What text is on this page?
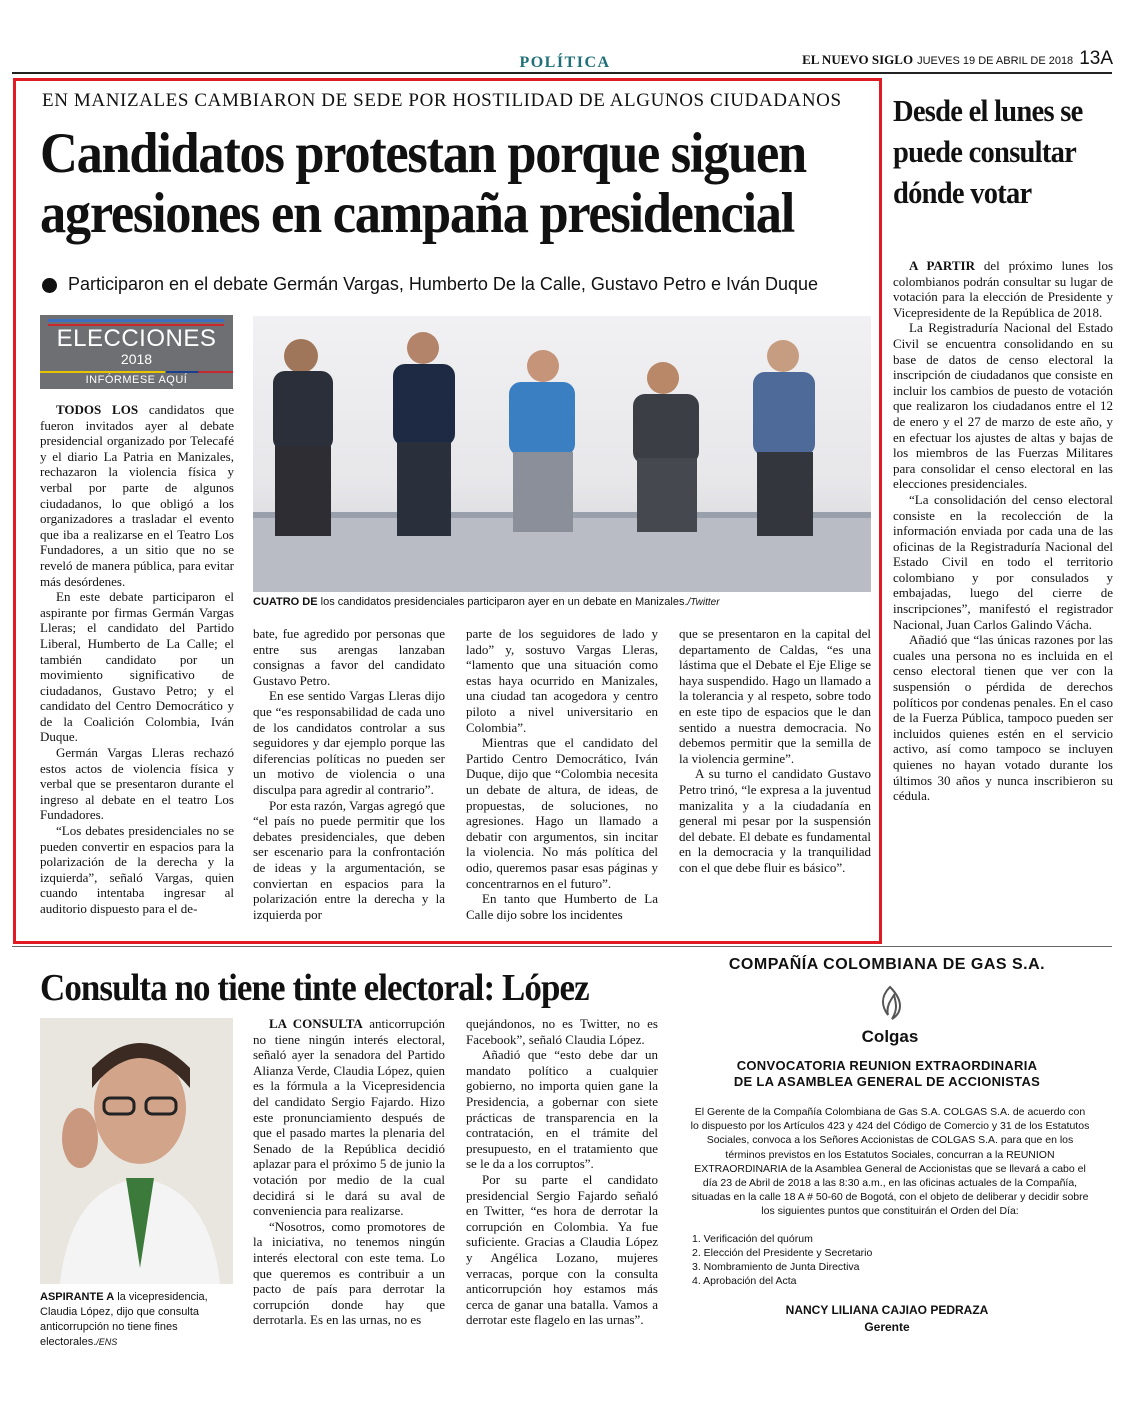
POLÍTICA	EL NUEVO SIGLO JUEVES 19 DE ABRIL DE 2018 13A
EN MANIZALES CAMBIARON DE SEDE POR HOSTILIDAD DE ALGUNOS CIUDADANOS
Candidatos protestan porque siguen agresiones en campaña presidencial
Participaron en el debate Germán Vargas, Humberto De la Calle, Gustavo Petro e Iván Duque
ELECCIONES
2018
INFÓRMESE AQUÍ
CUATRO DE los candidatos presidenciales participaron ayer en un debate en Manizales./Twitter

TODOS LOS candidatos que fueron invitados ayer al debate presidencial organizado por Telecafé y el diario La Patria en Manizales, rechazaron la violencia física y verbal por parte de algunos ciudadanos, lo que obligó a los organizadores a trasladar el evento que iba a realizarse en el Teatro Los Fundadores, a un sitio que no se reveló de manera pública, para evitar más desórdenes.

En este debate participaron el aspirante por firmas Germán Vargas Lleras; el candidato del Partido Liberal, Humberto de La Calle; el también candidato por un movimiento significativo de ciudadanos, Gustavo Petro; y el candidato del Centro Democrático y de la Coalición Colombia, Iván Duque.

Germán Vargas Lleras rechazó estos actos de violencia física y verbal que se presentaron durante el ingreso al debate en el teatro Los Fundadores.

“Los debates presidenciales no se pueden convertir en espacios para la polarización de la derecha y la izquierda”, señaló Vargas, quien cuando intentaba ingresar al auditorio dispuesto para el de-

bate, fue agredido por personas que entre sus arengas lanzaban consignas a favor del candidato Gustavo Petro.

En ese sentido Vargas Lleras dijo que “es responsabilidad de cada uno de los candidatos controlar a sus seguidores y dar ejemplo porque las diferencias políticas no pueden ser un motivo de violencia o una disculpa para agredir al contrario”.

Por esta razón, Vargas agregó que “el país no puede permitir que los debates presidenciales, que deben ser escenario para la confrontación de ideas y la argumentación, se conviertan en espacios para la polarización entre la derecha y la izquierda por

parte de los seguidores de lado y lado” y, sostuvo Vargas Lleras, “lamento que una situación como estas haya ocurrido en Manizales, una ciudad tan acogedora y centro piloto a nivel universitario en Colombia”.

Mientras que el candidato del Partido Centro Democrático, Iván Duque, dijo que “Colombia necesita un debate de altura, de ideas, de propuestas, de soluciones, no agresiones. Hago un llamado a debatir con argumentos, sin incitar la violencia. No más política del odio, queremos pasar esas páginas y concentrarnos en el futuro”.

En tanto que Humberto de La Calle dijo sobre los incidentes

que se presentaron en la capital del departamento de Caldas, “es una lástima que el Debate el Eje Elige se haya suspendido. Hago un llamado a la tolerancia y al respeto, sobre todo en este tipo de espacios que le dan sentido a nuestra democracia. No debemos permitir que la semilla de la violencia germine”.

A su turno el candidato Gustavo Petro trinó, “le expresa a la juventud manizalita y a la ciudadanía en general mi pesar por la suspensión del debate. El debate es fundamental en la democracia y la tranquilidad con el que debe fluir es básico”.

Desde el lunes se puede consultar dónde votar

A PARTIR del próximo lunes los colombianos podrán consultar su lugar de votación para la elección de Presidente y Vicepresidente de la República de 2018.

La Registraduría Nacional del Estado Civil se encuentra consolidando en su base de datos de censo electoral la inscripción de ciudadanos que consiste en incluir los cambios de puesto de votación que realizaron los ciudadanos entre el 12 de enero y el 27 de marzo de este año, y en efectuar los ajustes de altas y bajas de los miembros de las Fuerzas Militares para consolidar el censo electoral en las elecciones presidenciales.

“La consolidación del censo electoral consiste en la recolección de la información enviada por cada una de las oficinas de la Registraduría Nacional del Estado Civil en todo el territorio colombiano y por consulados y embajadas, luego del cierre de inscripciones”, manifestó el registrador Nacional, Juan Carlos Galindo Vácha.

Añadió que “las únicas razones por las cuales una persona no es incluida en el censo electoral tienen que ver con la suspensión o pérdida de derechos políticos por condenas penales. En el caso de la Fuerza Pública, tampoco pueden ser incluidos quienes estén en el servicio activo, así como tampoco se incluyen quienes no hayan votado durante los últimos 30 años y nunca inscribieron su cédula.

Consulta no tiene tinte electoral: López
ASPIRANTE A la vicepresidencia, Claudia López, dijo que consulta anticorrupción no tiene fines electorales./ENS

LA CONSULTA anticorrupción no tiene ningún interés electoral, señaló ayer la senadora del Partido Alianza Verde, Claudia López, quien es la fórmula a la Vicepresidencia del candidato Sergio Fajardo. Hizo este pronunciamiento después de que el pasado martes la plenaria del Senado de la República decidió aplazar para el próximo 5 de junio la votación por medio de la cual decidirá si le dará su aval de conveniencia para realizarse.

“Nosotros, como promotores de la iniciativa, no tenemos ningún interés electoral con este tema. Lo que queremos es contribuir a un pacto de país para derrotar la corrupción donde hay que derrotarla. Es en las urnas, no es

quejándonos, no es Twitter, no es Facebook”, señaló Claudia López.

Añadió que “esto debe dar un mandato político a cualquier gobierno, no importa quien gane la Presidencia, a gobernar con siete prácticas de transparencia en la contratación, en el trámite del presupuesto, en el tratamiento que se le da a los corruptos”.

Por su parte el candidato presidencial Sergio Fajardo señaló en Twitter, “es hora de derrotar la corrupción en Colombia. Ya fue suficiente. Gracias a Claudia López y Angélica Lozano, mujeres verracas, porque con la consulta anticorrupción hoy estamos más cerca de ganar una batalla. Vamos a derrotar este flagelo en las urnas”.

COMPAÑÍA COLOMBIANA DE GAS S.A.
Colgas
CONVOCATORIA REUNION EXTRAORDINARIA
DE LA ASAMBLEA GENERAL DE ACCIONISTAS
El Gerente de la Compañía Colombiana de Gas S.A. COLGAS S.A. de acuerdo con lo dispuesto por los Artículos 423 y 424 del Código de Comercio y 31 de los Estatutos Sociales, convoca a los Señores Accionistas de COLGAS S.A. para que en los términos previstos en los Estatutos Sociales, concurran a la REUNION EXTRAORDINARIA de la Asamblea General de Accionistas que se llevará a cabo el día 23 de Abril de 2018 a las 8:30 a.m., en las oficinas actuales de la Compañía, situadas en la calle 18 A # 50-60 de Bogotá, con el objeto de deliberar y decidir sobre los siguientes puntos que constituirán el Orden del Día:
1. Verificación del quórum
2. Elección del Presidente y Secretario
3. Nombramiento de Junta Directiva
4. Aprobación del Acta
NANCY LILIANA CAJIAO PEDRAZA
Gerente
